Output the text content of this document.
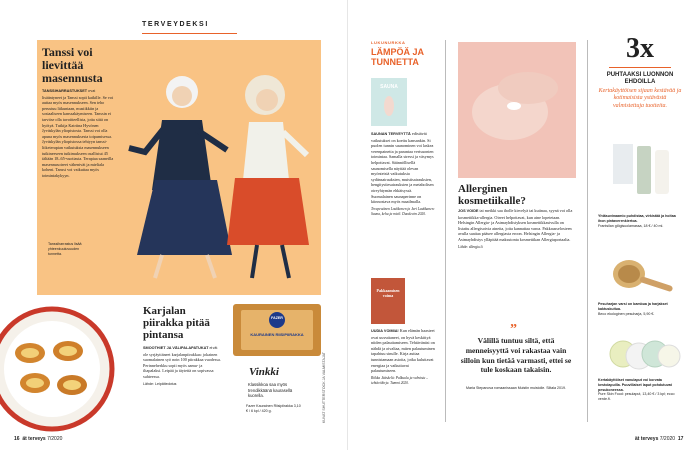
TERVEYDEKSI
Tanssi voi lievittää masennusta
TANSSIHARRASTUKSET ovat lisääntyneet ja Tanssi sopii kaikille. Se voi auttaa myös masennukseen. Sen teho perustuu liikuntaan, musiikkiin ja sosiaaliseen kanssakäymiseen. Tanssin ei tarvitse olla tavoitteellista, jotta siitä on hyötyä. Tutkija Katriina Hyvönen Jyväskylän yliopistosta. Tanssi voi olla apuna myös masennuksesta toipumisessa. Jyväskylän yliopistossa tehtyyn tanssi-liiketerapian vaikutuksia masennukseen tutkineeseen tutkimukseen osallistui 45 iältään 18–65-vuotiasta. Terapiaa saaneilla masennusoireet vähenivät ja mieliala koheni. Tanssi voi vaikuttaa myös toimintakykyyn.
Tanssiharrastus lisää yhteenkuuluvuuden tunnetta.
Karjalan piirakka pitää pintansa
SMOOTHIET JA VÄLIPALAPATUKAT eivät ole syrjäyttäneet karjalanpiirakkaa: jokainen suomalainen syö noin 100 piirakkaa vuodessa. Perinneherkku sopii myös aamu- ja iltapalaksi. Leipää ja täytettä on sopivassa suhteessa.
Lähde: Leipätiedotus
FAZER
KAURAINEN RIISIPIIRAKKA
Vinkki
Klassikkoa saa myös trendikkäänä kaurasellä kuorella.
Fazer Kaurainen Riisipiirakka 3,10 € / 6 kpl / 420 g.	KUVAT SHUTTERSTOCK JA VALMISTAJAT
16 ät terveys 7/2020
LUKUNURKKA
LÄMPÖÄ JA TUNNETTA
SAUNA
SAUNAN TERVEYTTÄ edistävät vaikutukset on koettu kansankin. Si puolen tunnin saunominen voi laskea verenpainetta ja parantaa verisuonten toimintaa. Samalla stressi ja väsymys helpottavat. Säännöllisellä saunomisella näyttää olevan myönteisiä vaikutuksia sydänsairauksien, muistisairauksien, hengitystiesairauksien ja metabolisen oireyhtymän ehkäisyssä. Suomalainen saunaperinne on kiinnostava myös maailmalla.
Terapeutinen Loukkonen ja Jari Laukkanen: Sauna, kehu ja mieli. Duodecim 2020.
Pakkaamisen voima
UUDIA VOIMIA! Kun elämän haasteet ovat uuvuttaneet, on hyvä keskittyä niiden palauttamiseen. Tehtävänäsi on nähdä ja oivaltaa, miten palautuminen tapahtuu sinulle. Kirja auttaa tunnistamaan asioita, jotka kuluttavat energiaa ja vaikuttavat palautumiseen.
Riikka Jääskelä: Palkuulu ja vahvistu – tehtävökirja. Tammi 2020.
Allerginen kosmetiikalle?
JOS VOIDE tai meikki saa iholle kirvelyä tai kutinaa, syynä voi olla kosmetiikka-allergia. Oireet helpottavat, kun aine lopetetaan. Helsingin Allergia- ja Astmayhdistyksen kosmetiikkasivulla on listattu allergisoivia aineita, joita kannattaa varoa. Pakkausselosteen avulla saattaa pääsee allergiasta eroon. Helsingin Allergia- ja Astmayhdistys ylläpitää maksutonta kosmetiikan Allergiaportaalia.
Lähde: allergia.fi
”
Välillä tuntuu siltä, että menneisyyttä voi rakastaa vain silloin kun tietää varmasti, ettei se tule koskaan takaisin.
Maria Stepanova romaanissaan Muistin muistolle. Siltala 2019.
3x
PUHTAAKSI LUONNON EHDOILLA
Kertakäyttöisen sijaan kestävää ja kotimaisista ystävästä valmistettuja tuotteita.
Yhtäsuvinaamio puhdistaa, virkistää ja hoitaa ihon pintaverenkiertoa.
Frantsilan glögisuolamassa, 18 € / 40 ml.
Pesuharjan varsi on bambua ja harjakset kaktuskuitua.
Beco ekologinen pesuharja, 5,90 €.
Kertakäyttöiset vanulaput voi korvata kestolapuilla. Puuvillaiset laput pohdutuvat pesukoneessa.
Pure Skin Food: pesulaput, 13,40 € / 3 kpl; ecco verde.fi.
ät terveys 7/2020 17
